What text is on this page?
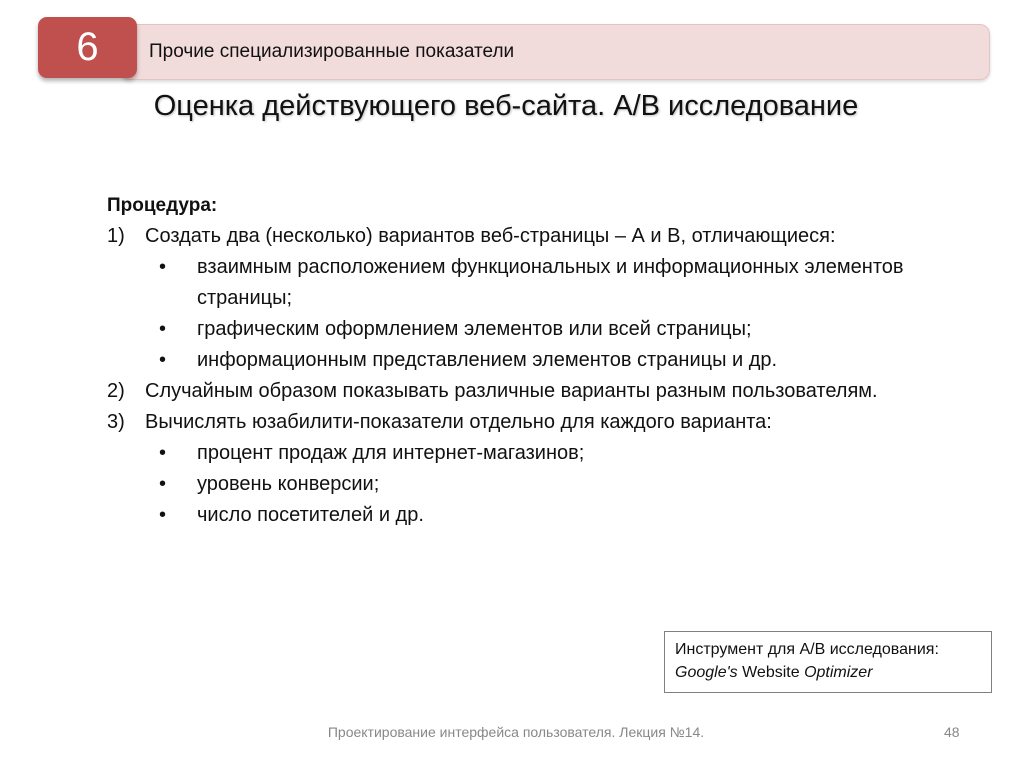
Прочие специализированные показатели
6
Оценка действующего веб-сайта. А/В исследование
Процедура:
1) Создать два (несколько) вариантов веб-страницы – А и В, отличающиеся:
• взаимным расположением функциональных и информационных элементов страницы;
• графическим оформлением элементов или всей страницы;
• информационным представлением элементов страницы и др.
2) Случайным образом показывать различные варианты разным пользователям.
3) Вычислять юзабилити-показатели отдельно для каждого варианта:
• процент продаж для интернет-магазинов;
• уровень конверсии;
• число посетителей и др.
Инструмент для А/В исследования:
Google's Website Optimizer
Проектирование интерфейса пользователя. Лекция №14.	48
